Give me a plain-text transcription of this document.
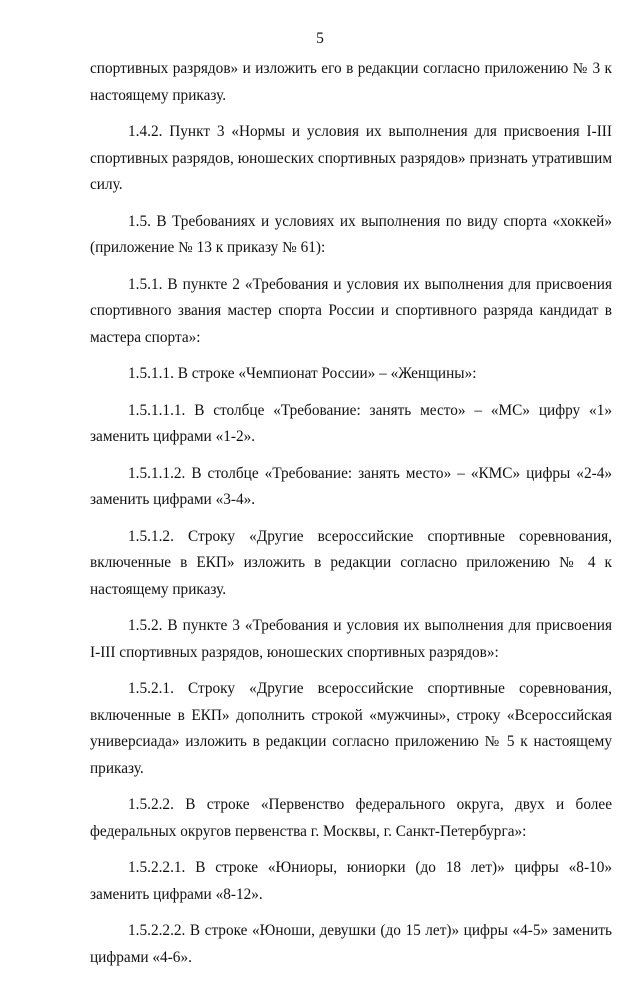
5

спортивных разрядов» и изложить его в редакции согласно приложению № 3 к настоящему приказу.

1.4.2. Пункт 3 «Нормы и условия их выполнения для присвоения I-III спортивных разрядов, юношеских спортивных разрядов» признать утратившим силу.

1.5. В Требованиях и условиях их выполнения по виду спорта «хоккей» (приложение № 13 к приказу № 61):

1.5.1. В пункте 2 «Требования и условия их выполнения для присвоения спортивного звания мастер спорта России и спортивного разряда кандидат в мастера спорта»:

1.5.1.1. В строке «Чемпионат России» – «Женщины»:

1.5.1.1.1. В столбце «Требование: занять место» – «МС» цифру «1» заменить цифрами «1-2».

1.5.1.1.2. В столбце «Требование: занять место» – «КМС» цифры «2-4» заменить цифрами «3-4».

1.5.1.2. Строку «Другие всероссийские спортивные соревнования, включенные в ЕКП» изложить в редакции согласно приложению № 4 к настоящему приказу.

1.5.2. В пункте 3 «Требования и условия их выполнения для присвоения I-III спортивных разрядов, юношеских спортивных разрядов»:

1.5.2.1. Строку «Другие всероссийские спортивные соревнования, включенные в ЕКП» дополнить строкой «мужчины», строку «Всероссийская универсиада» изложить в редакции согласно приложению № 5 к настоящему приказу.

1.5.2.2. В строке «Первенство федерального округа, двух и более федеральных округов первенства г. Москвы, г. Санкт-Петербурга»:

1.5.2.2.1. В строке «Юниоры, юниорки (до 18 лет)» цифры «8-10» заменить цифрами «8-12».

1.5.2.2.2. В строке «Юноши, девушки (до 15 лет)» цифры «4-5» заменить цифрами «4-6».
